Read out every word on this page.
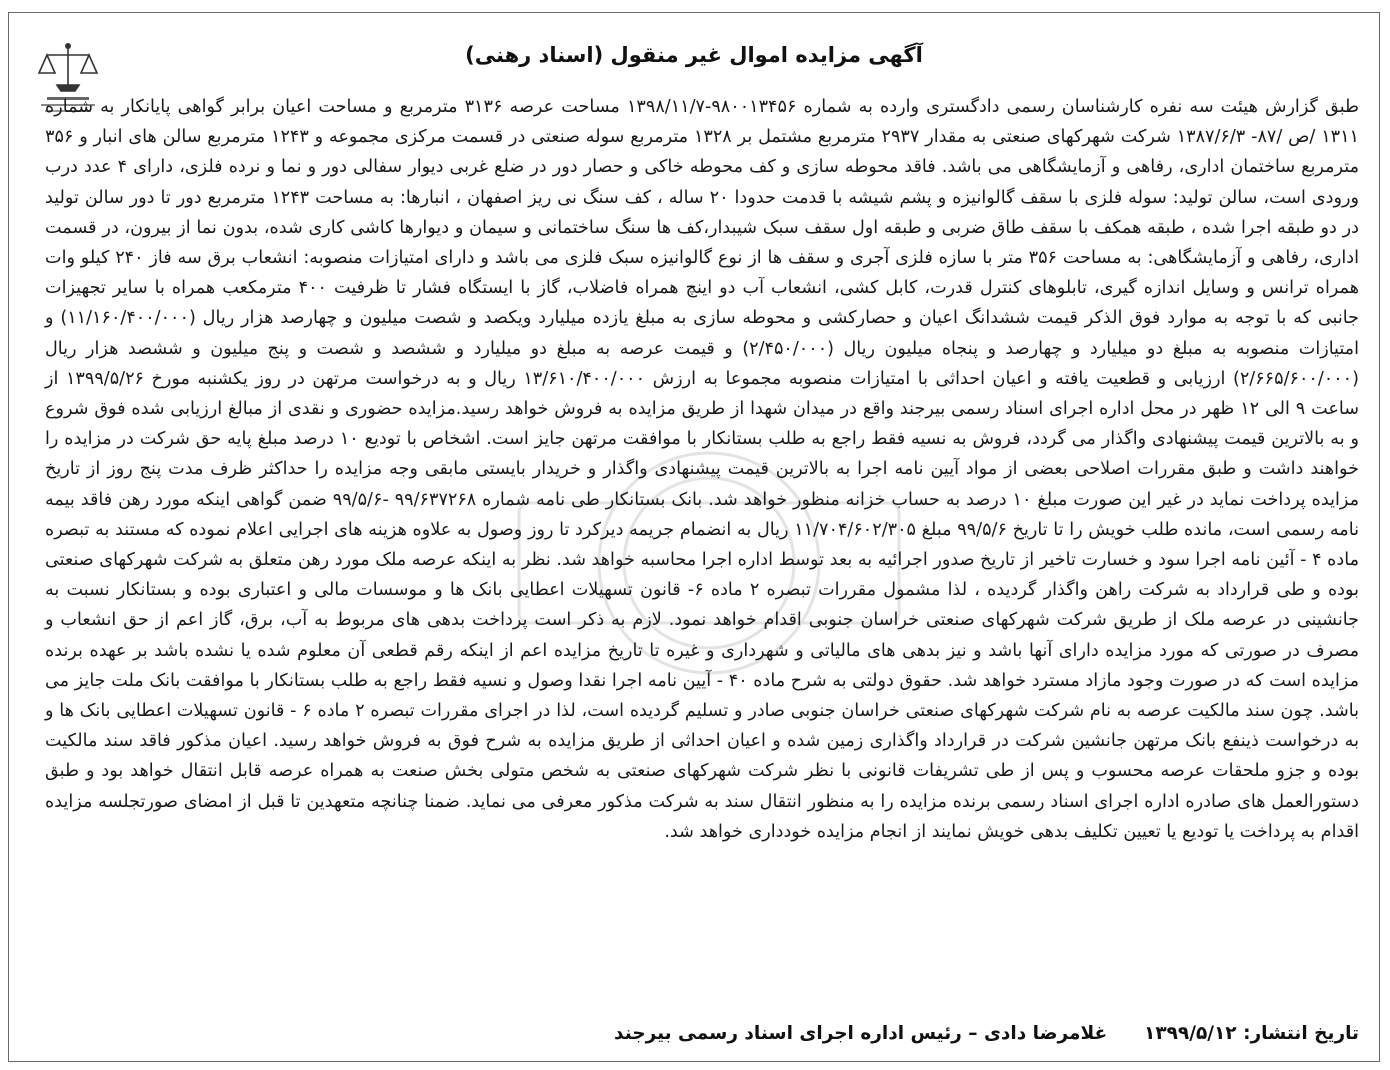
آگهی مزایده اموال غیر منقول (اسناد رهنی)
طبق گزارش هیئت سه نفره کارشناسان رسمی دادگستری وارده به شماره ۹۸۰۰۱۳۴۵۶-۱۳۹۸/۱۱/۷ مساحت عرصه ۳۱۳۶ مترمربع و مساحت اعیان برابر گواهی پایانکار به شماره ۱۳۱۱ /ص /۸۷- ۱۳۸۷/۶/۳ شرکت شهرکهای صنعتی به مقدار ۲۹۳۷ مترمربع مشتمل بر ۱۳۲۸ مترمربع سوله صنعتی در قسمت مرکزی مجموعه و ۱۲۴۳ مترمربع سالن های انبار و ۳۵۶ مترمربع ساختمان اداری، رفاهی و آزمایشگاهی می باشد. فاقد محوطه سازی و کف محوطه خاکی و حصار دور در ضلع غربی دیوار سفالی دور و نما و نرده فلزی، دارای ۴ عدد درب ورودی است، سالن تولید: سوله فلزی با سقف گالوانیزه و پشم شیشه با قدمت حدودا ۲۰ ساله ، کف سنگ نی ریز اصفهان ، انبارها: به مساحت ۱۲۴۳ مترمربع دور تا دور سالن تولید در دو طبقه اجرا شده ، طبقه همکف با سقف طاق ضربی و طبقه اول سقف سبک شیبدار،کف ها سنگ ساختمانی و سیمان و دیوارها کاشی کاری شده، بدون نما از بیرون، در قسمت اداری، رفاهی و آزمایشگاهی: به مساحت ۳۵۶ متر با سازه فلزی آجری و سقف ها از نوع گالوانیزه سبک فلزی می باشد و دارای امتیازات منصوبه: انشعاب برق سه فاز ۲۴۰ کیلو وات همراه ترانس و وسایل اندازه گیری، تابلوهای کنترل قدرت، کابل کشی، انشعاب آب دو اینچ همراه فاضلاب، گاز با ایستگاه فشار تا ظرفیت ۴۰۰ مترمکعب همراه با سایر تجهیزات جانبی که با توجه به موارد فوق الذکر قیمت ششدانگ اعیان و حصارکشی و محوطه سازی به مبلغ یازده میلیارد ویکصد و شصت میلیون و چهارصد هزار ریال (۱۱/۱۶۰/۴۰۰/۰۰۰) و امتیازات منصوبه به مبلغ دو میلیارد و چهارصد و پنجاه میلیون ریال (۲/۴۵۰/۰۰۰) و قیمت عرصه به مبلغ دو میلیارد و ششصد و شصت و پنج میلیون و ششصد هزار ریال (۲/۶۶۵/۶۰۰/۰۰۰) ارزیابی و قطعیت یافته و اعیان احداثی با امتیازات منصوبه مجموعا به ارزش ۱۳/۶۱۰/۴۰۰/۰۰۰ ریال و به درخواست مرتهن در روز یکشنبه مورخ ۱۳۹۹/۵/۲۶ از ساعت ۹ الی ۱۲ ظهر در محل اداره اجرای اسناد رسمی بیرجند واقع در میدان شهدا از طریق مزایده به فروش خواهد رسید.مزایده حضوری و نقدی از مبالغ ارزیابی شده فوق شروع و به بالاترین قیمت پیشنهادی واگذار می گردد، فروش به نسیه فقط راجع به طلب بستانکار با موافقت مرتهن جایز است. اشخاص با تودیع ۱۰ درصد مبلغ پایه حق شرکت در مزایده را خواهند داشت و طبق مقررات اصلاحی بعضی از مواد آیین نامه اجرا به بالاترین قیمت پیشنهادی واگذار و خریدار بایستی مابقی وجه مزایده را حداکثر ظرف مدت پنج روز از تاریخ مزایده پرداخت نماید در غیر این صورت مبلغ ۱۰ درصد به حساب خزانه منظور خواهد شد. بانک بستانکار طی نامه شماره ۹۹/۶۳۷۲۶۸ -۹۹/۵/۶ ضمن گواهی اینکه مورد رهن فاقد بیمه نامه رسمی است، مانده طلب خویش را تا تاریخ ۹۹/۵/۶ مبلغ ۱۱/۷۰۴/۶۰۲/۳۰۵ ریال به انضمام جریمه دیرکرد تا روز وصول به علاوه هزینه های اجرایی اعلام نموده که مستند به تبصره ماده ۴ - آئین نامه اجرا سود و خسارت تاخیر از تاریخ صدور اجرائیه به بعد توسط اداره اجرا محاسبه خواهد شد. نظر به اینکه عرصه ملک مورد رهن متعلق به شرکت شهرکهای صنعتی بوده و طی قرارداد به شرکت راهن واگذار گردیده ، لذا مشمول مقررات تبصره ۲ ماده ۶- قانون تسهیلات اعطایی بانک ها و موسسات مالی و اعتباری بوده و بستانکار نسبت به جانشینی در عرصه ملک از طریق شرکت شهرکهای صنعتی خراسان جنوبی اقدام خواهد نمود. لازم به ذکر است پرداخت بدهی های مربوط به آب، برق، گاز اعم از حق انشعاب و مصرف در صورتی که مورد مزایده دارای آنها باشد و نیز بدهی های مالیاتی و شهرداری و غیره تا تاریخ مزایده اعم از اینکه رقم قطعی آن معلوم شده یا نشده باشد بر عهده برنده مزایده است که در صورت وجود مازاد مسترد خواهد شد. حقوق دولتی به شرح ماده ۴۰ - آیین نامه اجرا نقدا وصول و نسیه فقط راجع به طلب بستانکار با موافقت بانک ملت جایز می باشد. چون سند مالکیت عرصه به نام شرکت شهرکهای صنعتی خراسان جنوبی صادر و تسلیم گردیده است، لذا در اجرای مقررات تبصره ۲ ماده ۶ - قانون تسهیلات اعطایی بانک ها و به درخواست ذینفع بانک مرتهن جانشین شرکت در قرارداد واگذاری زمین شده و اعیان احداثی از طریق مزایده به شرح فوق به فروش خواهد رسید. اعیان مذکور فاقد سند مالکیت بوده و جزو ملحقات عرصه محسوب و پس از طی تشریفات قانونی با نظر شرکت شهرکهای صنعتی به شخص متولی بخش صنعت به همراه عرصه قابل انتقال خواهد بود و طبق دستورالعمل های صادره اداره اجرای اسناد رسمی برنده مزایده را به منظور انتقال سند به شرکت مذکور معرفی می نماید. ضمنا چنانچه متعهدین تا قبل از امضای صورتجلسه مزایده اقدام به پرداخت یا تودیع یا تعیین تکلیف بدهی خویش نمایند از انجام مزایده خودداری خواهد شد.
تاریخ انتشار: ۱۳۹۹/۵/۱۲  غلامرضا دادی – رئیس اداره اجرای اسناد رسمی بیرجند
